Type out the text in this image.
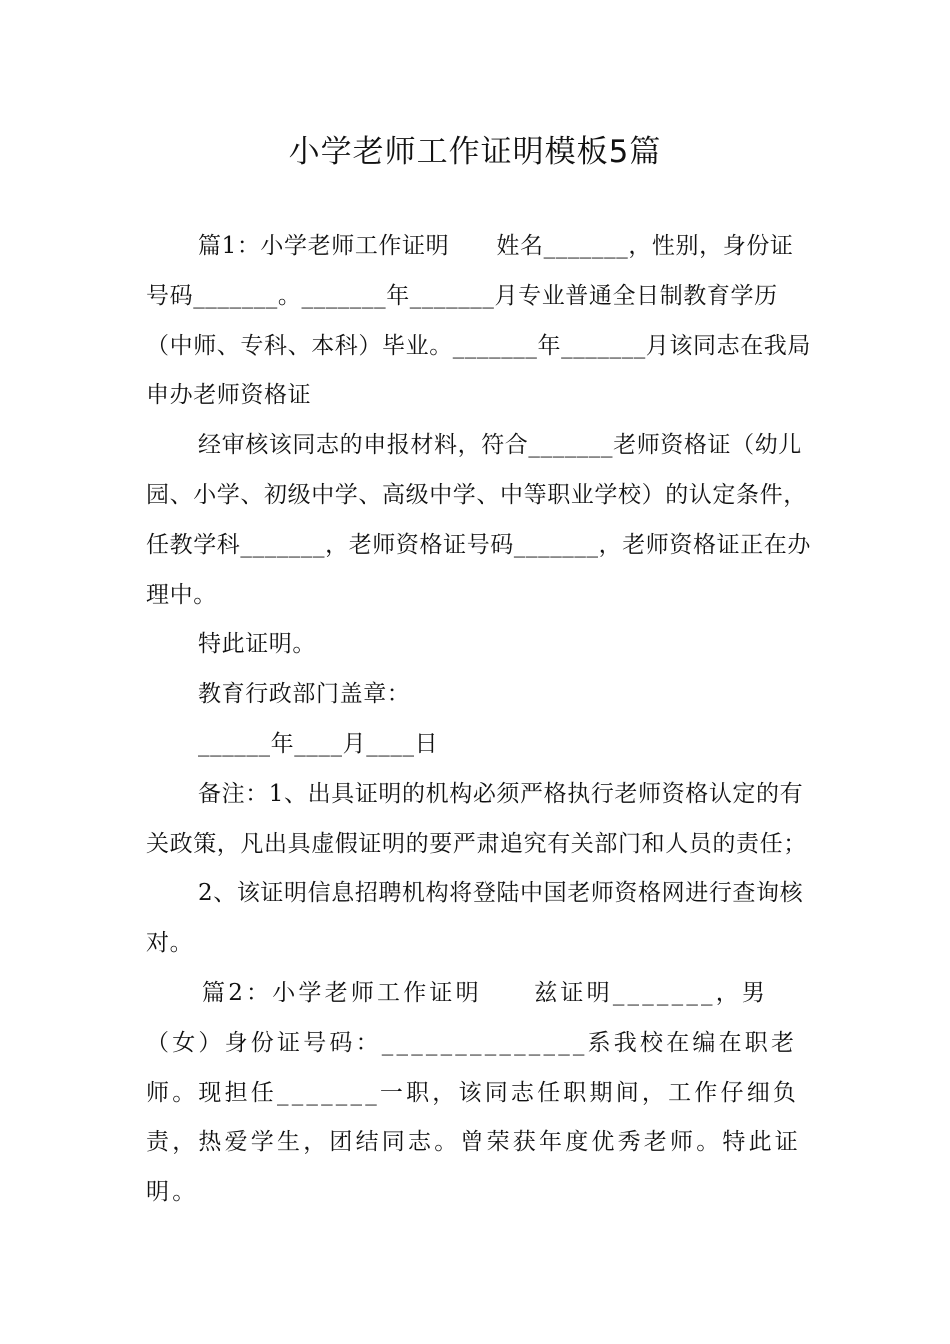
小学老师工作证明模板5篇

篇1：小学老师工作证明　　姓名_______，性别，身份证号码_______。_______年_______月专业普通全日制教育学历（中师、专科、本科）毕业。_______年_______月该同志在我局申办老师资格证

经审核该同志的申报材料，符合_______老师资格证（幼儿园、小学、初级中学、高级中学、中等职业学校）的认定条件，任教学科_______，老师资格证号码_______，老师资格证正在办理中。

特此证明。

教育行政部门盖章：

______年____月____日

备注：1、出具证明的机构必须严格执行老师资格认定的有关政策，凡出具虚假证明的要严肃追究有关部门和人员的责任；

2、该证明信息招聘机构将登陆中国老师资格网进行查询核对。

篇2：小学老师工作证明　　兹证明_______，男（女）身份证号码：______________系我校在编在职老师。现担任_______一职，该同志任职期间，工作仔细负责，热爱学生，团结同志。曾荣获年度优秀老师。特此证明。
